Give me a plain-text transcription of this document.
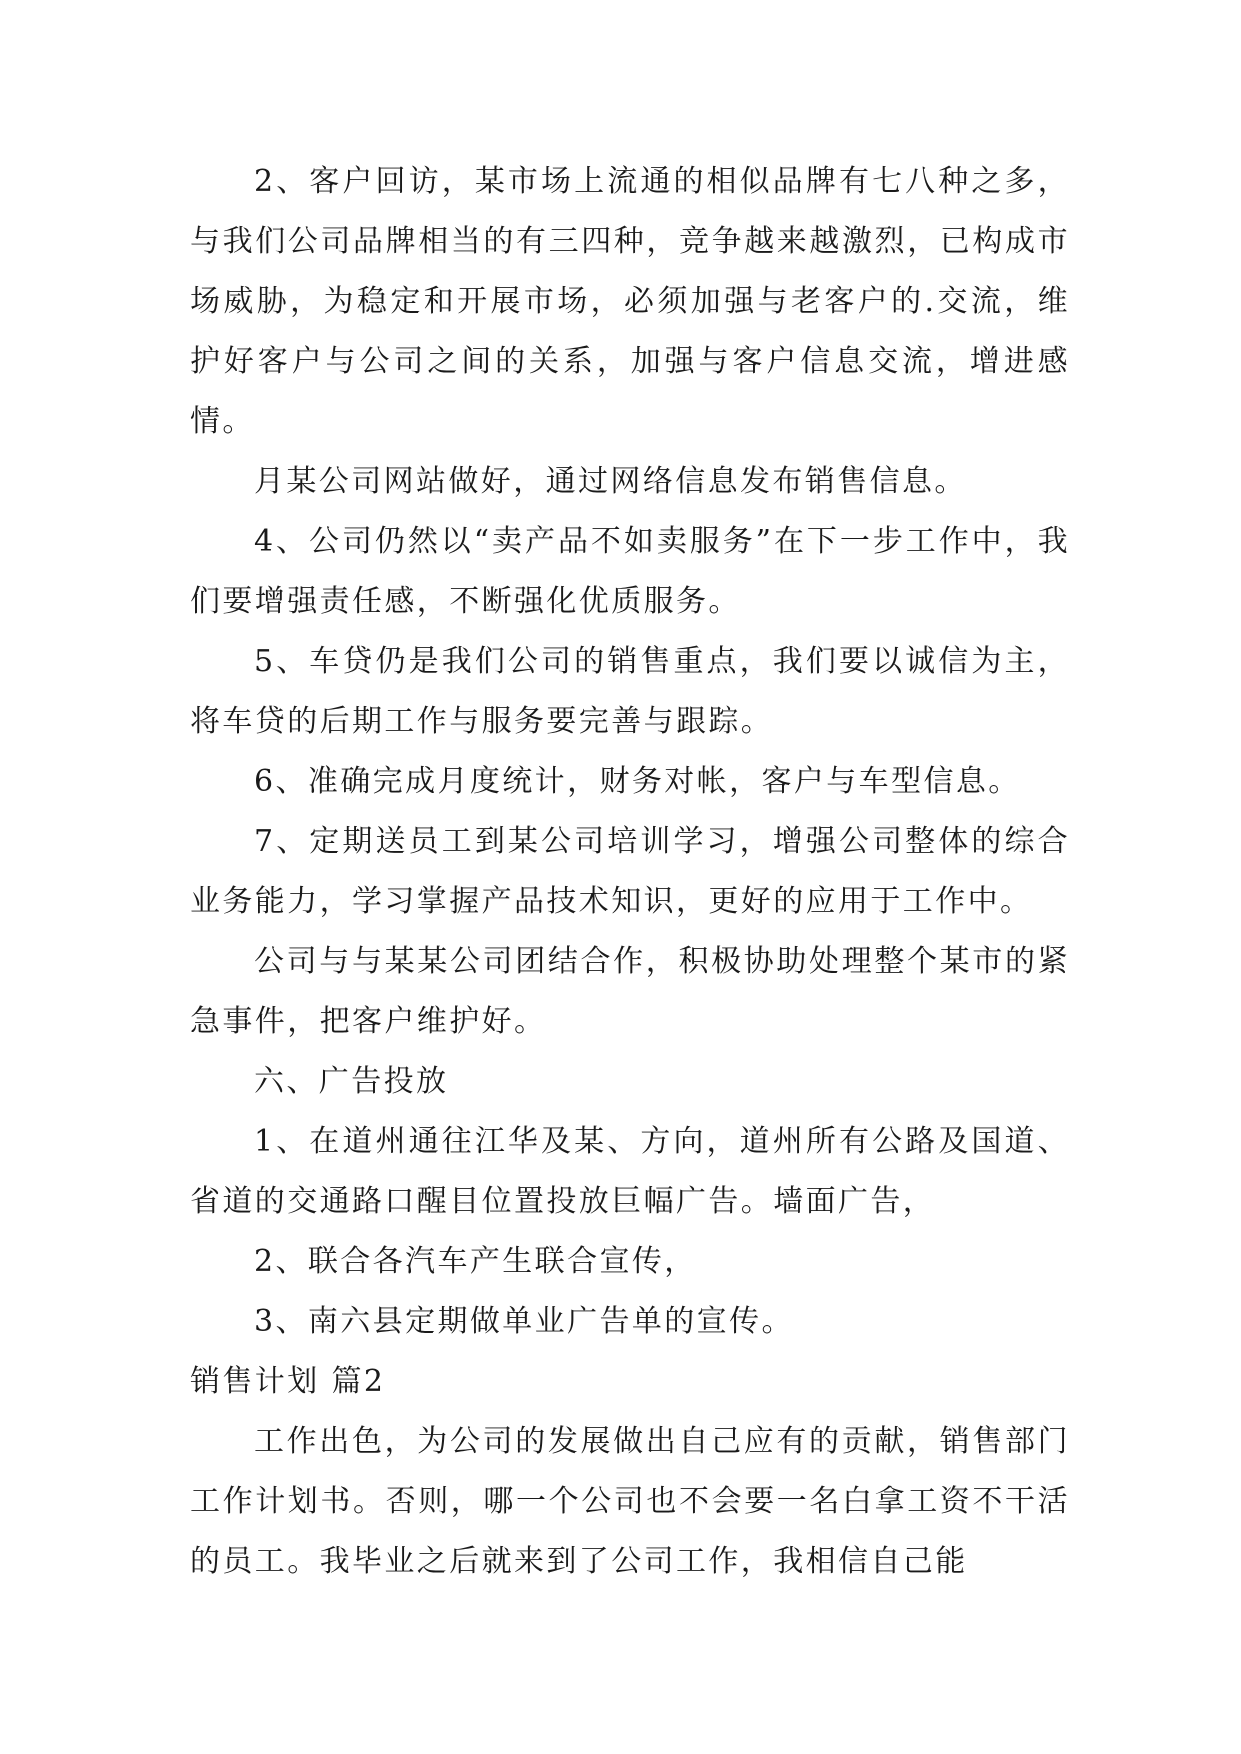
2、客户回访，某市场上流通的相似品牌有七八种之多，与我们公司品牌相当的有三四种，竞争越来越激烈，已构成市场威胁，为稳定和开展市场，必须加强与老客户的.交流，维护好客户与公司之间的关系，加强与客户信息交流，增进感情。

月某公司网站做好，通过网络信息发布销售信息。

4、公司仍然以“卖产品不如卖服务”在下一步工作中，我们要增强责任感，不断强化优质服务。

5、车贷仍是我们公司的销售重点，我们要以诚信为主，将车贷的后期工作与服务要完善与跟踪。

6、准确完成月度统计，财务对帐，客户与车型信息。

7、定期送员工到某公司培训学习，增强公司整体的综合业务能力，学习掌握产品技术知识，更好的应用于工作中。

公司与与某某公司团结合作，积极协助处理整个某市的紧急事件，把客户维护好。

六、广告投放

1、在道州通往江华及某、方向，道州所有公路及国道、省道的交通路口醒目位置投放巨幅广告。墙面广告，

2、联合各汽车产生联合宣传，

3、南六县定期做单业广告单的宣传。

销售计划 篇2

工作出色，为公司的发展做出自己应有的贡献，销售部门工作计划书。否则，哪一个公司也不会要一名白拿工资不干活的员工。我毕业之后就来到了公司工作，我相信自己能
